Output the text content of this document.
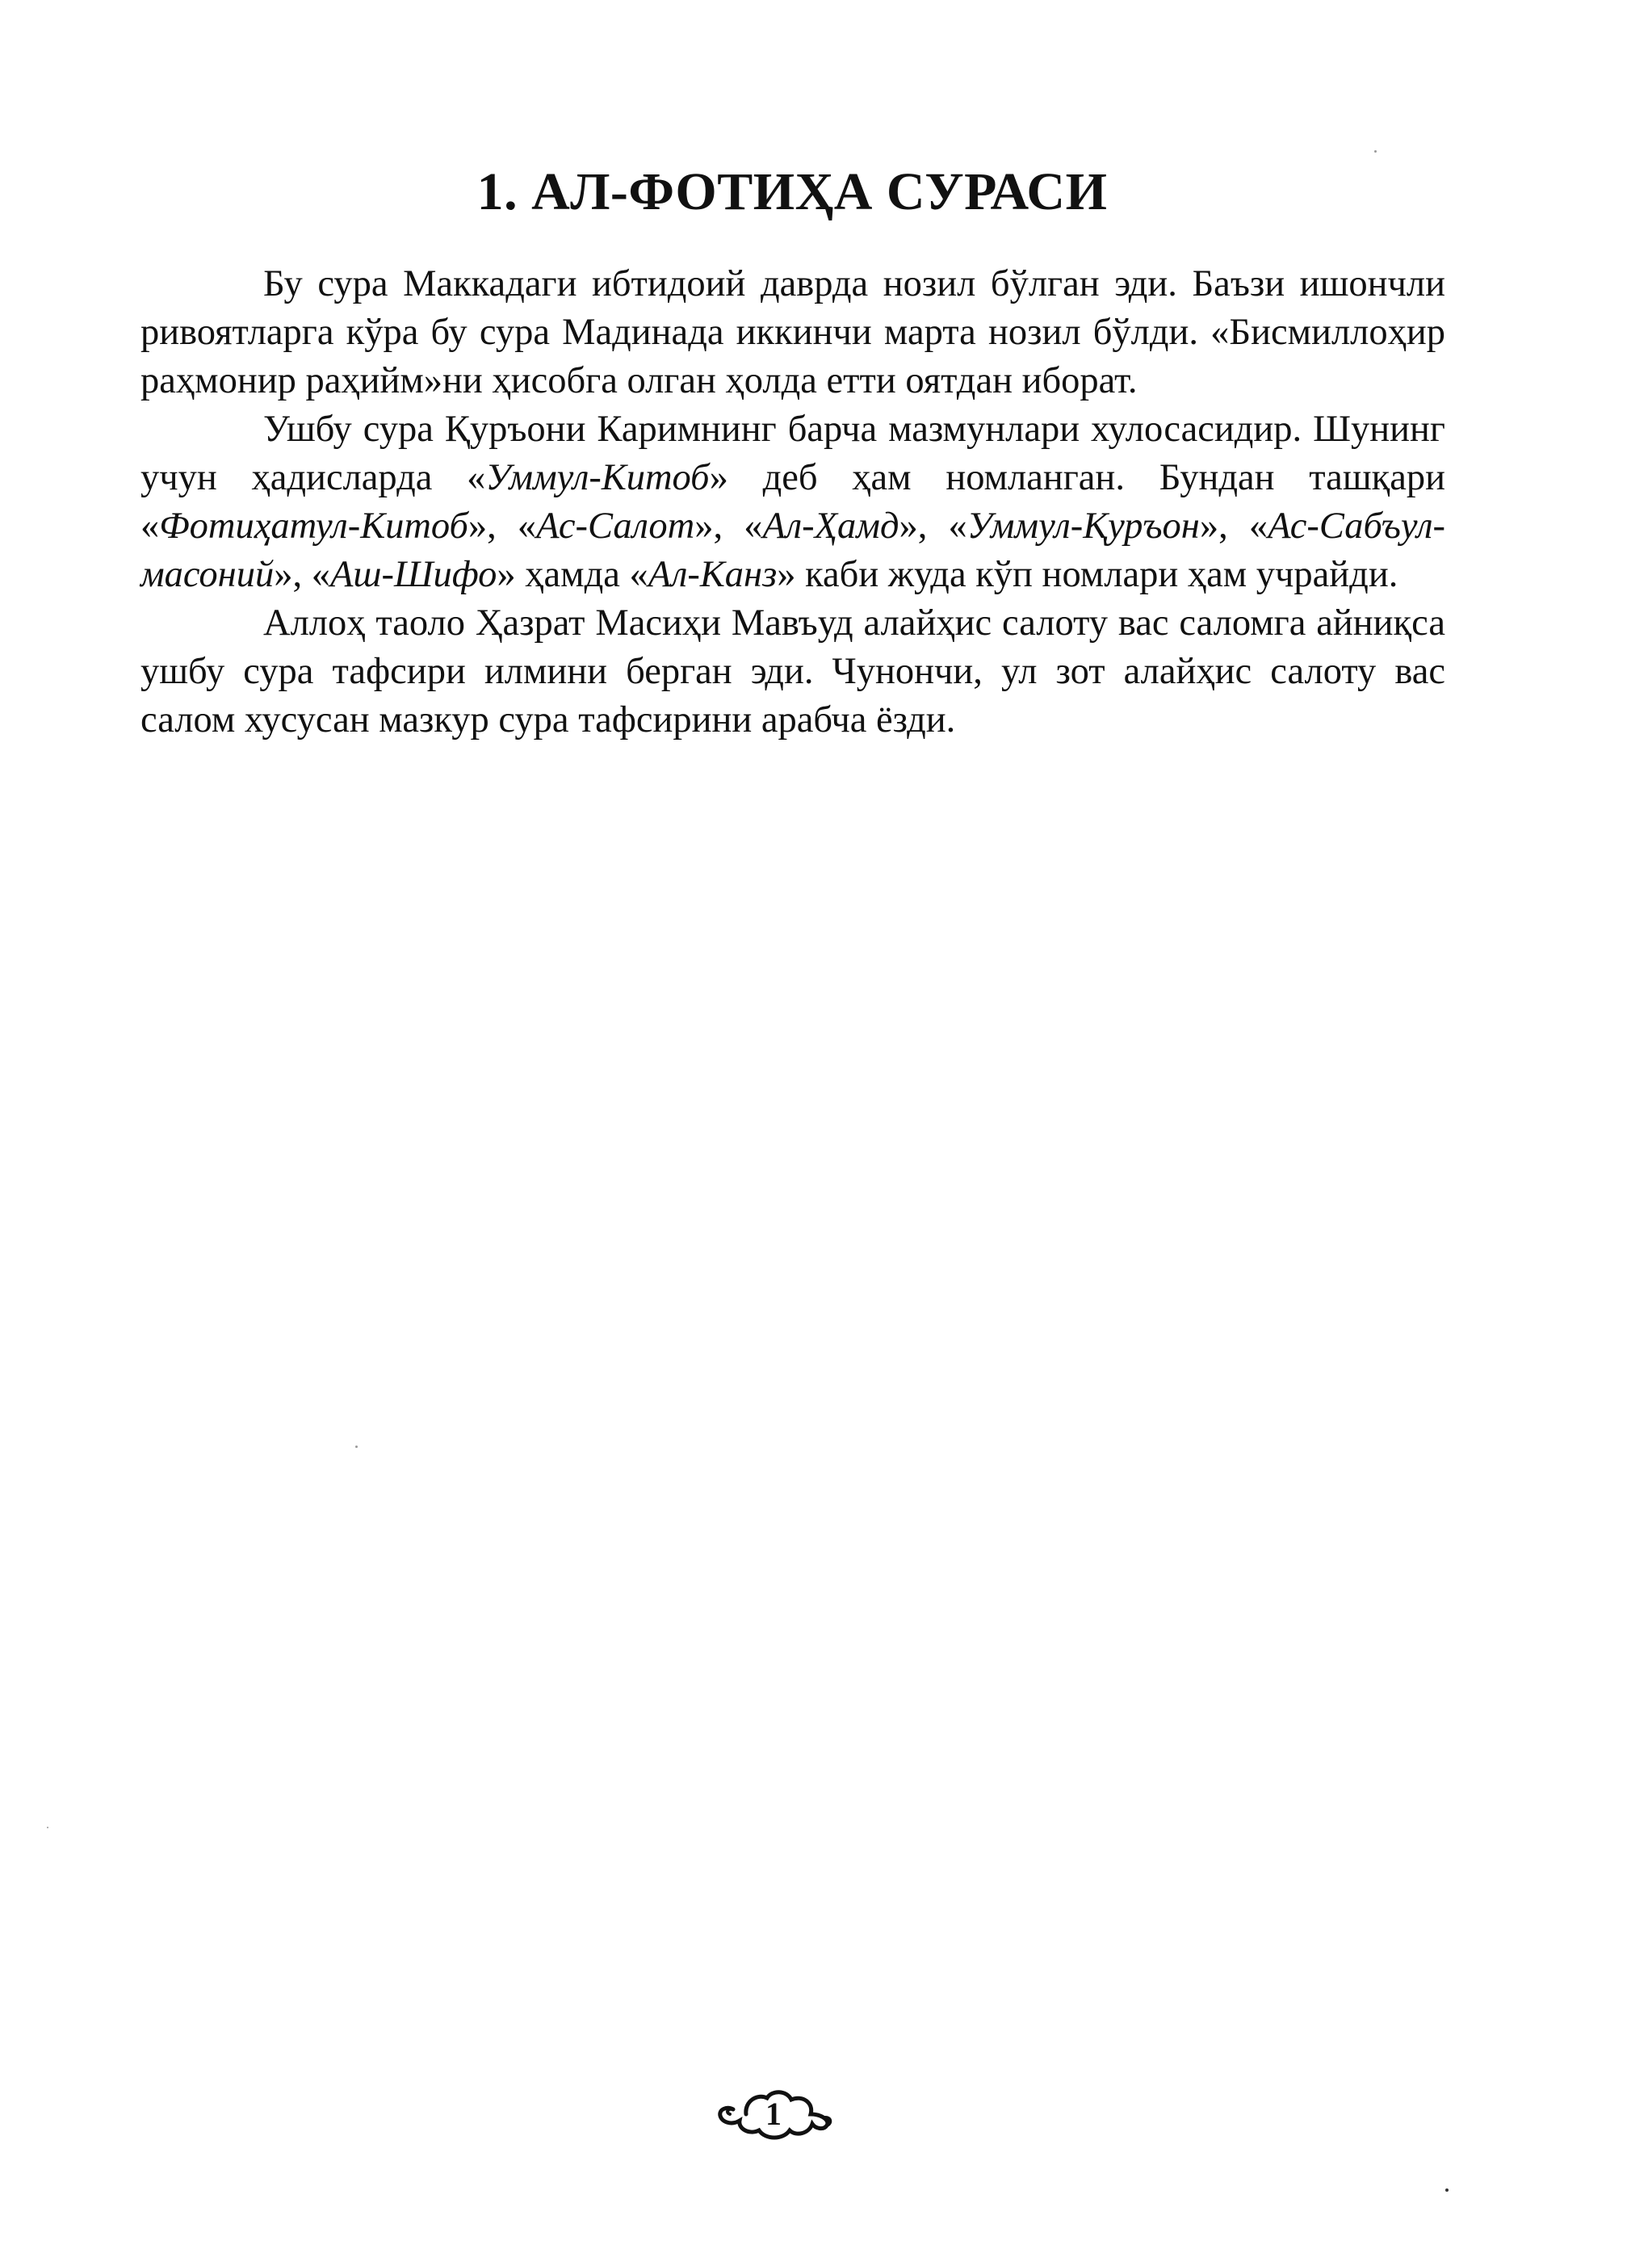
1. АЛ-ФОТИҲА СУРАСИ

Бу сура Маккадаги ибтидоий даврда нозил бўлган эди. Баъзи ишончли ривоятларга кўра бу сура Мадинада иккинчи марта нозил бўлди. «Бисмиллоҳир раҳмонир раҳийм»ни ҳисобга олган ҳолда етти оятдан иборат.

Ушбу сура Қуръони Каримнинг барча мазмунлари хулосасидир. Шунинг учун ҳадисларда «Уммул-Китоб» деб ҳам номланган. Бундан ташқари «Фотиҳатул-Китоб», «Ас-Салот», «Ал-Ҳамд», «Уммул-Қуръон», «Ас-Сабъул-масоний», «Аш-Шифо» ҳамда «Ал-Канз» каби жуда кўп номлари ҳам учрайди.

Аллоҳ таоло Ҳазрат Масиҳи Мавъуд алайҳис салоту вас саломга айниқса ушбу сура тафсири илмини берган эди. Чунончи, ул зот алайҳис салоту вас салом хусусан мазкур сура тафсирини арабча ёзди.

1
